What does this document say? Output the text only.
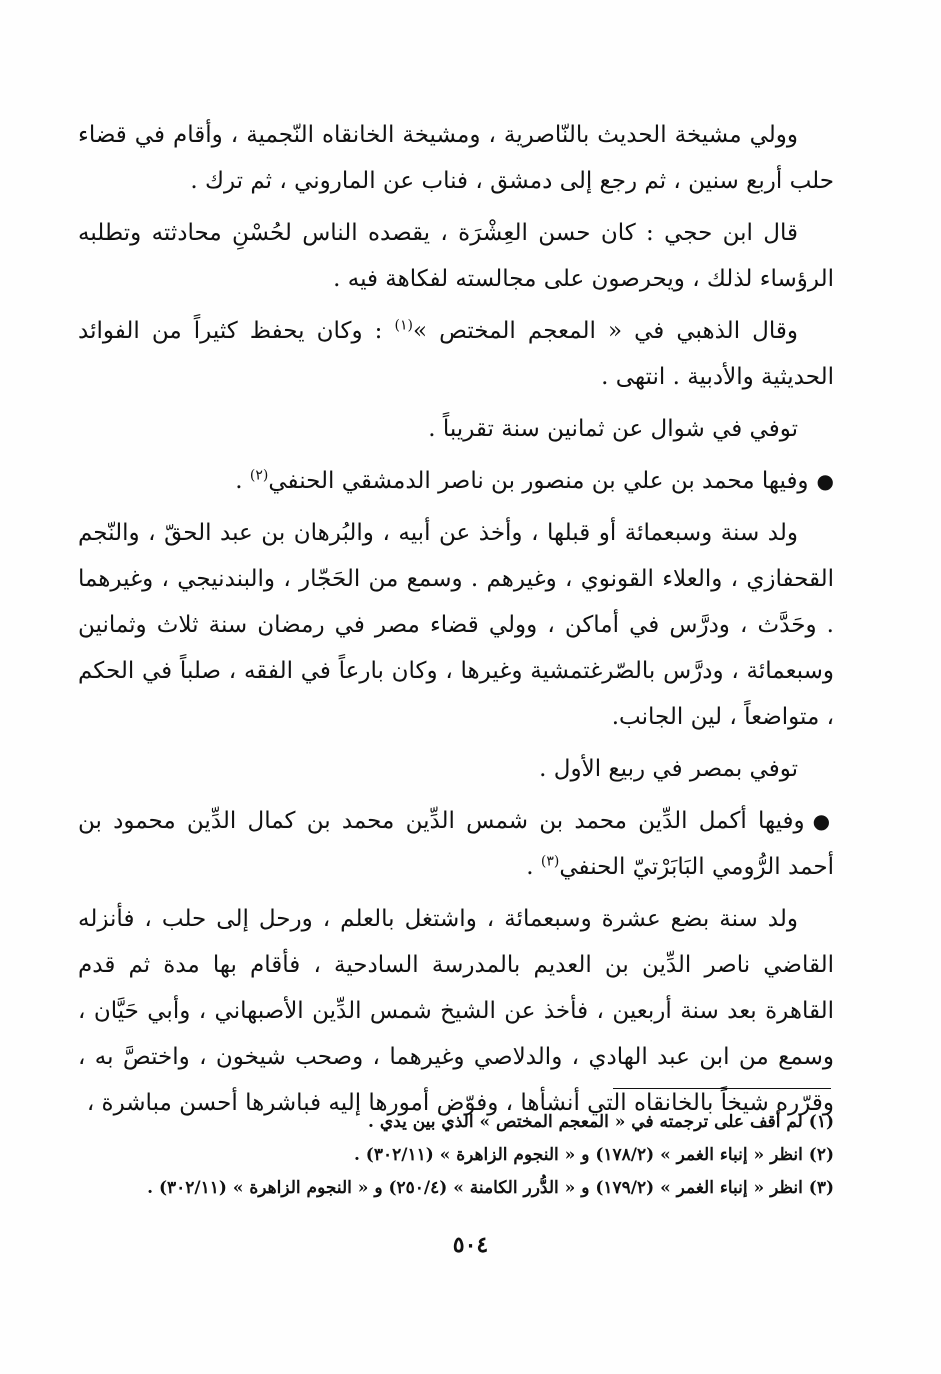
وولي مشيخة الحديث بالنّاصرية ، ومشيخة الخانقاه النّجمية ، وأقام في قضاء حلب أربع سنين ، ثم رجع إلى دمشق ، فناب عن الماروني ، ثم ترك .

قال ابن حجي : كان حسن العِشْرَة ، يقصده الناس لحُسْنِ محادثته وتطلبه الرؤساء لذلك ، ويحرصون على مجالسته لفكاهة فيه .

وقال الذهبي في « المعجم المختص »$^{(١)}$ : وكان يحفظ كثيراً من الفوائد الحديثية والأدبية . انتهى .

توفي في شوال عن ثمانين سنة تقريباً .

●وفيها محمد بن علي بن منصور بن ناصر الدمشقي الحنفي$^{(٢)}$ .

ولد سنة وسبعمائة أو قبلها ، وأخذ عن أبيه ، والبُرهان بن عبد الحقّ ، والنّجم القحفازي ، والعلاء القونوي ، وغيرهم . وسمع من الحَجّار ، والبندنيجي ، وغيرهما . وحَدَّث ، ودرَّس في أماكن ، وولي قضاء مصر في رمضان سنة ثلاث وثمانين وسبعمائة ، ودرَّس بالصّرغتمشية وغيرها ، وكان بارعاً في الفقه ، صلباً في الحكم ، متواضعاً ، لين الجانب.

توفي بمصر في ربيع الأول .

●وفيها أكمل الدِّين محمد بن شمس الدِّين محمد بن كمال الدِّين محمود بن أحمد الرُّومي البَابَرْتيّ الحنفي$^{(٣)}$ .

ولد سنة بضع عشرة وسبعمائة ، واشتغل بالعلم ، ورحل إلى حلب ، فأنزله القاضي ناصر الدِّين بن العديم بالمدرسة السادحية ، فأقام بها مدة ثم قدم القاهرة بعد سنة أربعين ، فأخذ عن الشيخ شمس الدِّين الأصبهاني ، وأبي حَيَّان ، وسمع من ابن عبد الهادي ، والدلاصي وغيرهما ، وصحب شيخون ، واختصَّ به ، وقرّره شيخاً بالخانقاه التي أنشأها ، وفوّض أمورها إليه فباشرها أحسن مباشرة ،

(١) لم أقف على ترجمته في « المعجم المختص » الذي بين يدي .

(٢) انظر « إنباء الغمر » (١٧٨/٢) و « النجوم الزاهرة » (٣٠٢/١١) .

(٣) انظر « إنباء الغمر » (١٧٩/٢) و « الدُّرر الكامنة » (٢٥٠/٤) و « النجوم الزاهرة » (٣٠٢/١١) .

٥٠٤
